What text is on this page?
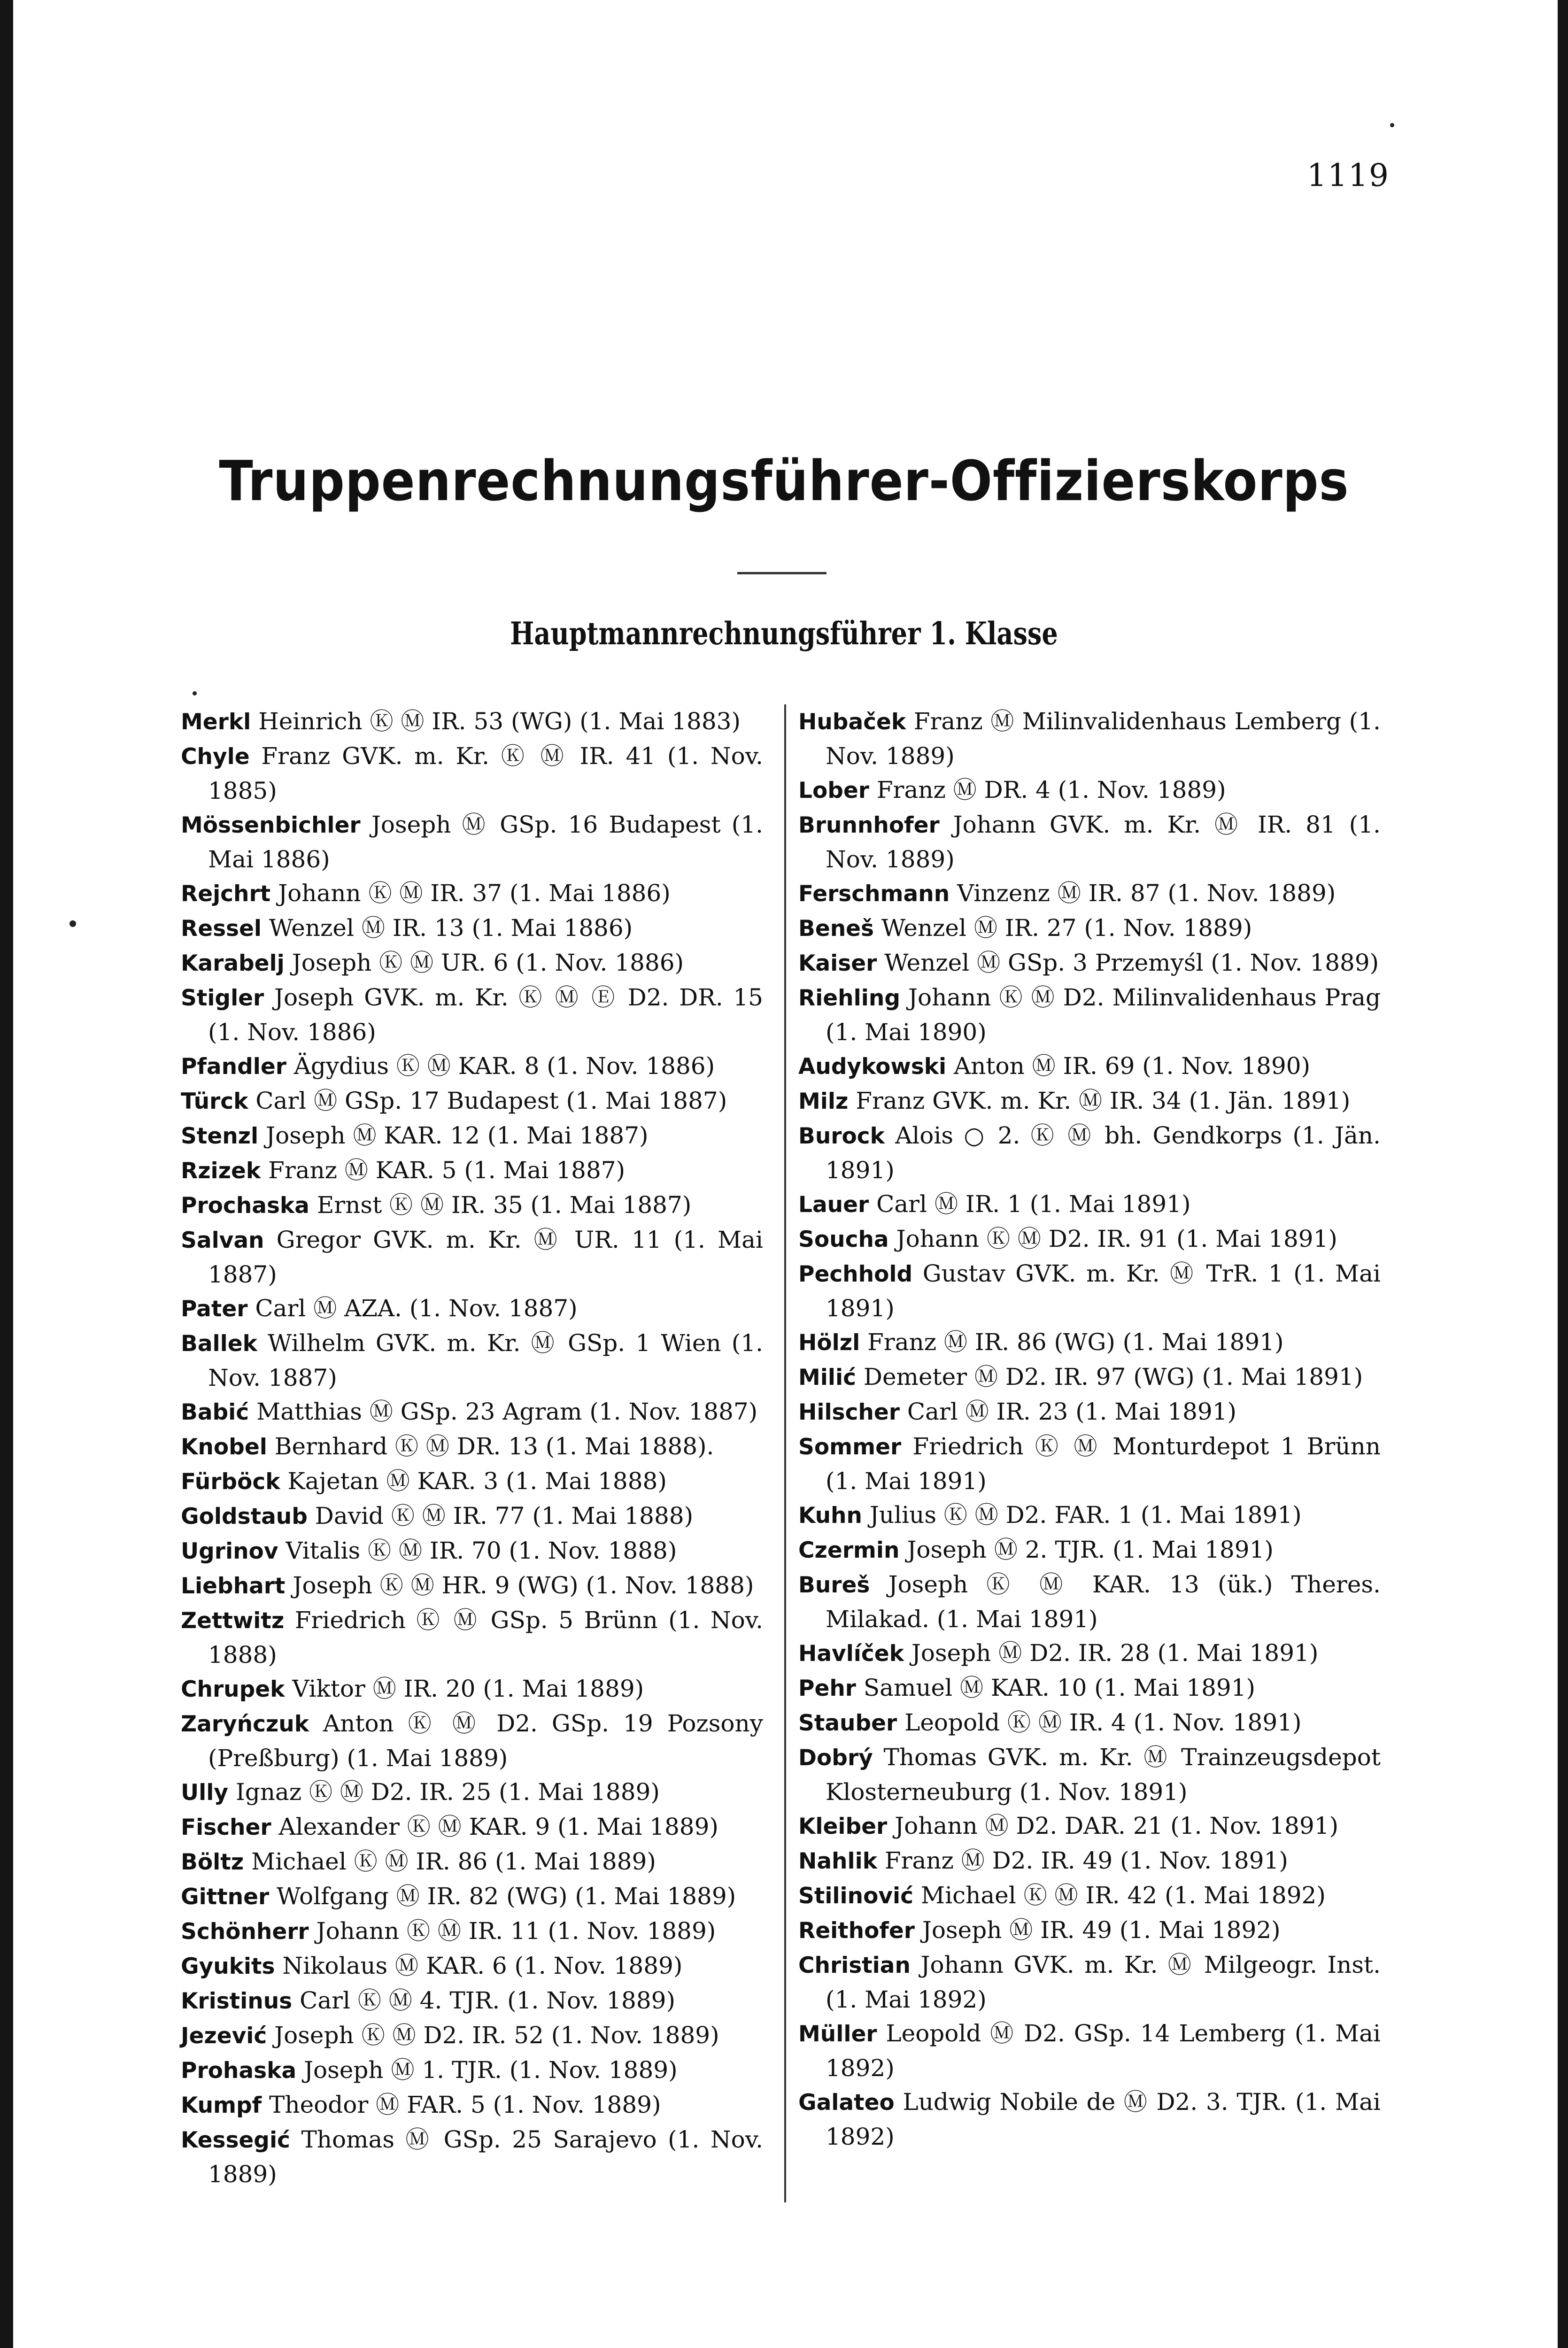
1119
Truppenrechnungsführer-Offizierskorps
Hauptmannrechnungsführer 1. Klasse
Merkl Heinrich Ⓚ Ⓜ IR. 53 (WG) (1. Mai 1883)
Chyle Franz GVK. m. Kr. Ⓚ Ⓜ IR. 41 (1. Nov. 1885)
Mössenbichler Joseph Ⓜ GSp. 16 Budapest (1. Mai 1886)
Rejchrt Johann Ⓚ Ⓜ IR. 37 (1. Mai 1886)
Ressel Wenzel Ⓜ IR. 13 (1. Mai 1886)
Karabelj Joseph Ⓚ Ⓜ UR. 6 (1. Nov. 1886)
Stigler Joseph GVK. m. Kr. Ⓚ Ⓜ Ⓔ D2. DR. 15 (1. Nov. 1886)
Pfandler Ägydius Ⓚ Ⓜ KAR. 8 (1. Nov. 1886)
Türck Carl Ⓜ GSp. 17 Budapest (1. Mai 1887)
Stenzl Joseph Ⓜ KAR. 12 (1. Mai 1887)
Rzizek Franz Ⓜ KAR. 5 (1. Mai 1887)
Prochaska Ernst Ⓚ Ⓜ IR. 35 (1. Mai 1887)
Salvan Gregor GVK. m. Kr. Ⓜ UR. 11 (1. Mai 1887)
Pater Carl Ⓜ AZA. (1. Nov. 1887)
Ballek Wilhelm GVK. m. Kr. Ⓜ GSp. 1 Wien (1. Nov. 1887)
Babić Matthias Ⓜ GSp. 23 Agram (1. Nov. 1887)
Knobel Bernhard Ⓚ Ⓜ DR. 13 (1. Mai 1888).
Fürböck Kajetan Ⓜ KAR. 3 (1. Mai 1888)
Goldstaub David Ⓚ Ⓜ IR. 77 (1. Mai 1888)
Ugrinov Vitalis Ⓚ Ⓜ IR. 70 (1. Nov. 1888)
Liebhart Joseph Ⓚ Ⓜ HR. 9 (WG) (1. Nov. 1888)
Zettwitz Friedrich Ⓚ Ⓜ GSp. 5 Brünn (1. Nov. 1888)
Chrupek Viktor Ⓜ IR. 20 (1. Mai 1889)
Zaryńczuk Anton Ⓚ Ⓜ D2. GSp. 19 Pozsony (Preßburg) (1. Mai 1889)
Ully Ignaz Ⓚ Ⓜ D2. IR. 25 (1. Mai 1889)
Fischer Alexander Ⓚ Ⓜ KAR. 9 (1. Mai 1889)
Böltz Michael Ⓚ Ⓜ IR. 86 (1. Mai 1889)
Gittner Wolfgang Ⓜ IR. 82 (WG) (1. Mai 1889)
Schönherr Johann Ⓚ Ⓜ IR. 11 (1. Nov. 1889)
Gyukits Nikolaus Ⓜ KAR. 6 (1. Nov. 1889)
Kristinus Carl Ⓚ Ⓜ 4. TJR. (1. Nov. 1889)
Jezević Joseph Ⓚ Ⓜ D2. IR. 52 (1. Nov. 1889)
Prohaska Joseph Ⓜ 1. TJR. (1. Nov. 1889)
Kumpf Theodor Ⓜ FAR. 5 (1. Nov. 1889)
Kessegić Thomas Ⓜ GSp. 25 Sarajevo (1. Nov. 1889)
Hubaček Franz Ⓜ Milinvalidenhaus Lemberg (1. Nov. 1889)
Lober Franz Ⓜ DR. 4 (1. Nov. 1889)
Brunnhofer Johann GVK. m. Kr. Ⓜ IR. 81 (1. Nov. 1889)
Ferschmann Vinzenz Ⓜ IR. 87 (1. Nov. 1889)
Beneš Wenzel Ⓜ IR. 27 (1. Nov. 1889)
Kaiser Wenzel Ⓜ GSp. 3 Przemyśl (1. Nov. 1889)
Riehling Johann Ⓚ Ⓜ D2. Milinvalidenhaus Prag (1. Mai 1890)
Audykowski Anton Ⓜ IR. 69 (1. Nov. 1890)
Milz Franz GVK. m. Kr. Ⓜ IR. 34 (1. Jän. 1891)
Burock Alois ○ 2. Ⓚ Ⓜ bh. Gendkorps (1. Jän. 1891)
Lauer Carl Ⓜ IR. 1 (1. Mai 1891)
Soucha Johann Ⓚ Ⓜ D2. IR. 91 (1. Mai 1891)
Pechhold Gustav GVK. m. Kr. Ⓜ TrR. 1 (1. Mai 1891)
Hölzl Franz Ⓜ IR. 86 (WG) (1. Mai 1891)
Milić Demeter Ⓜ D2. IR. 97 (WG) (1. Mai 1891)
Hilscher Carl Ⓜ IR. 23 (1. Mai 1891)
Sommer Friedrich Ⓚ Ⓜ Monturdepot 1 Brünn (1. Mai 1891)
Kuhn Julius Ⓚ Ⓜ D2. FAR. 1 (1. Mai 1891)
Czermin Joseph Ⓜ 2. TJR. (1. Mai 1891)
Bureš Joseph Ⓚ Ⓜ KAR. 13 (ük.) Theres. Milakad. (1. Mai 1891)
Havlíček Joseph Ⓜ D2. IR. 28 (1. Mai 1891)
Pehr Samuel Ⓜ KAR. 10 (1. Mai 1891)
Stauber Leopold Ⓚ Ⓜ IR. 4 (1. Nov. 1891)
Dobrý Thomas GVK. m. Kr. Ⓜ Trainzeugsdepot Klosterneuburg (1. Nov. 1891)
Kleiber Johann Ⓜ D2. DAR. 21 (1. Nov. 1891)
Nahlik Franz Ⓜ D2. IR. 49 (1. Nov. 1891)
Stilinović Michael Ⓚ Ⓜ IR. 42 (1. Mai 1892)
Reithofer Joseph Ⓜ IR. 49 (1. Mai 1892)
Christian Johann GVK. m. Kr. Ⓜ Milgeogr. Inst. (1. Mai 1892)
Müller Leopold Ⓜ D2. GSp. 14 Lemberg (1. Mai 1892)
Galateo Ludwig Nobile de Ⓜ D2. 3. TJR. (1. Mai 1892)
